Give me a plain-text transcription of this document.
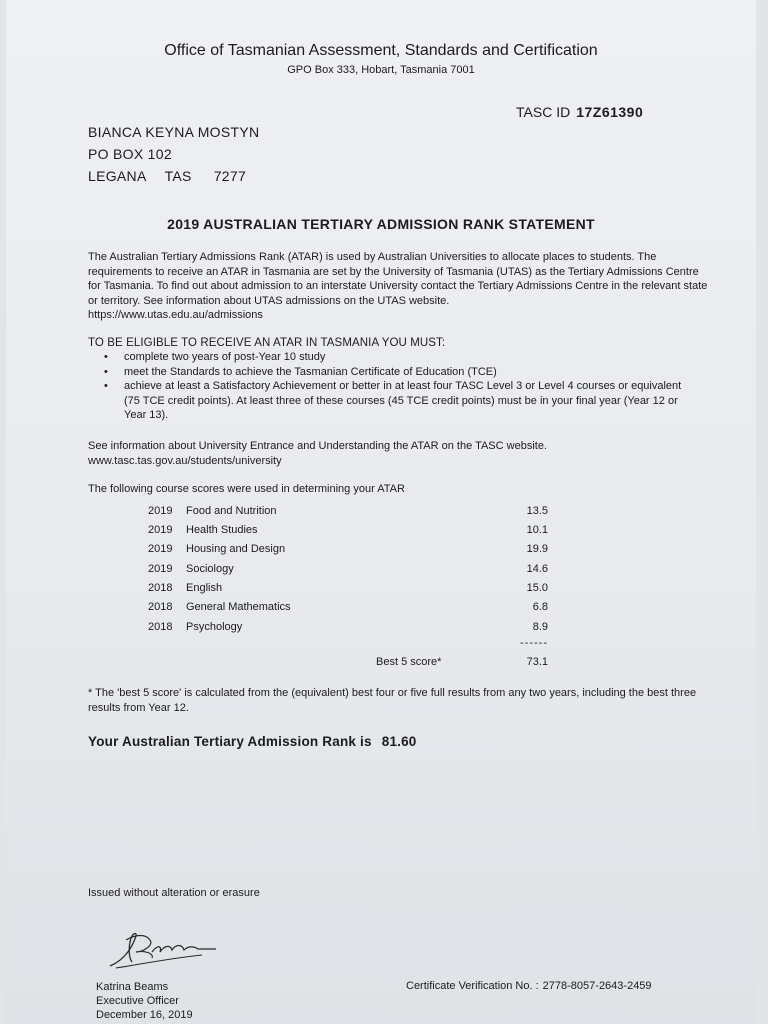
Office of Tasmanian Assessment, Standards and Certification
GPO Box 333, Hobart, Tasmania 7001
TASC ID 17Z61390
BIANCA KEYNA MOSTYN
PO BOX 102
LEGANA TAS 7277
2019 AUSTRALIAN TERTIARY ADMISSION RANK STATEMENT
The Australian Tertiary Admissions Rank (ATAR) is used by Australian Universities to allocate places to students. The requirements to receive an ATAR in Tasmania are set by the University of Tasmania (UTAS) as the Tertiary Admissions Centre for Tasmania. To find out about admission to an interstate University contact the Tertiary Admissions Centre in the relevant state or territory. See information about UTAS admissions on the UTAS website.
https://www.utas.edu.au/admissions
TO BE ELIGIBLE TO RECEIVE AN ATAR IN TASMANIA YOU MUST:
• complete two years of post-Year 10 study
• meet the Standards to achieve the Tasmanian Certificate of Education (TCE)
• achieve at least a Satisfactory Achievement or better in at least four TASC Level 3 or Level 4 courses or equivalent (75 TCE credit points). At least three of these courses (45 TCE credit points) must be in your final year (Year 12 or Year 13).
See information about University Entrance and Understanding the ATAR on the TASC website.
www.tasc.tas.gov.au/students/university
The following course scores were used in determining your ATAR
2019 Food and Nutrition	13.5
2019 Health Studies	10.1
2019 Housing and Design	19.9
2019 Sociology	14.6
2018 English	15.0
2018 General Mathematics	6.8
2018 Psychology	8.9
------
Best 5 score*	73.1
* The 'best 5 score' is calculated from the (equivalent) best four or five full results from any two years, including the best three results from Year 12.
Your Australian Tertiary Admission Rank is 81.60
Issued without alteration or erasure
Katrina Beams
Executive Officer
December 16, 2019
Certificate Verification No. : 2778-8057-2643-2459
